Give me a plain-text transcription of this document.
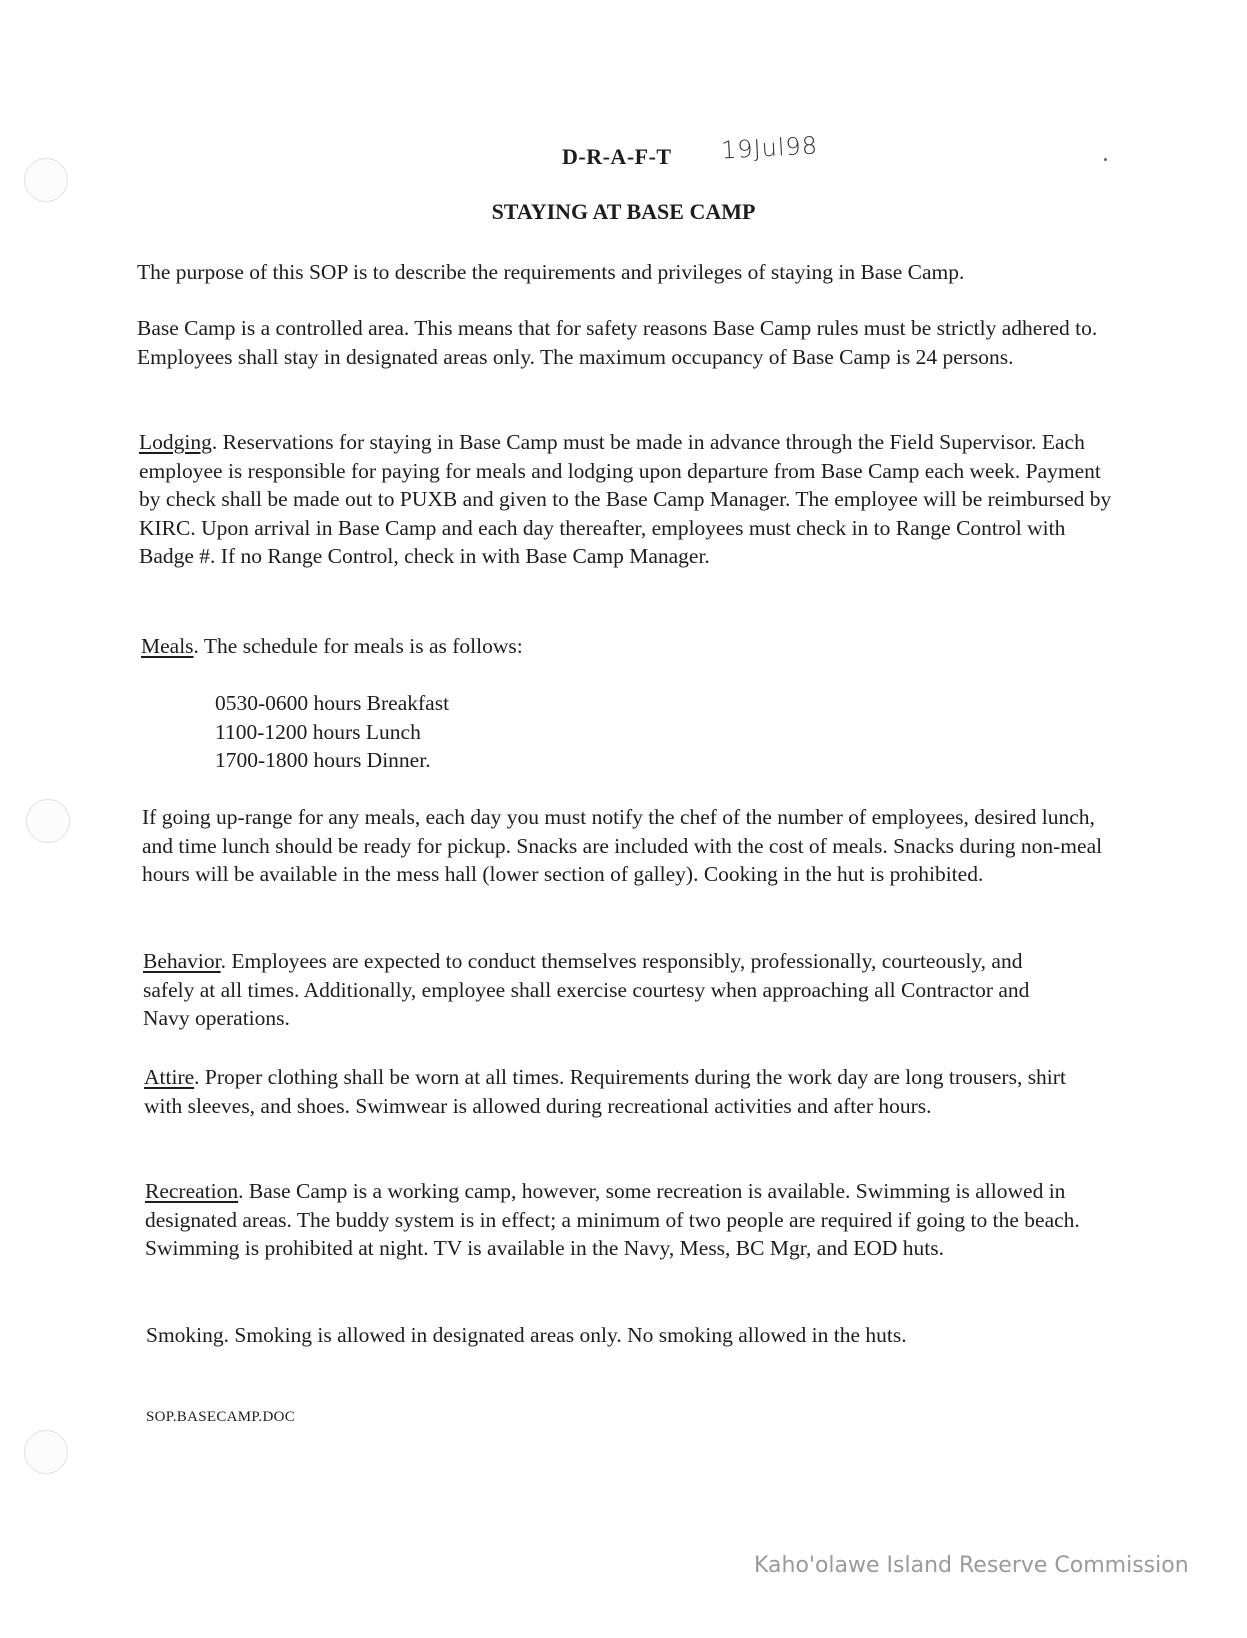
D-R-A-F-T 19Jul98
STAYING AT BASE CAMP
The purpose of this SOP is to describe the requirements and privileges of staying in Base Camp.
Base Camp is a controlled area. This means that for safety reasons Base Camp rules must be strictly adhered to. Employees shall stay in designated areas only. The maximum occupancy of Base Camp is 24 persons.
Lodging. Reservations for staying in Base Camp must be made in advance through the Field Supervisor. Each employee is responsible for paying for meals and lodging upon departure from Base Camp each week. Payment by check shall be made out to PUXB and given to the Base Camp Manager. The employee will be reimbursed by KIRC. Upon arrival in Base Camp and each day thereafter, employees must check in to Range Control with Badge #. If no Range Control, check in with Base Camp Manager.
Meals. The schedule for meals is as follows:
0530-0600 hours Breakfast
1100-1200 hours Lunch
1700-1800 hours Dinner.
If going up-range for any meals, each day you must notify the chef of the number of employees, desired lunch, and time lunch should be ready for pickup. Snacks are included with the cost of meals. Snacks during non-meal hours will be available in the mess hall (lower section of galley). Cooking in the hut is prohibited.
Behavior. Employees are expected to conduct themselves responsibly, professionally, courteously, and safely at all times. Additionally, employee shall exercise courtesy when approaching all Contractor and Navy operations.
Attire. Proper clothing shall be worn at all times. Requirements during the work day are long trousers, shirt with sleeves, and shoes. Swimwear is allowed during recreational activities and after hours.
Recreation. Base Camp is a working camp, however, some recreation is available. Swimming is allowed in designated areas. The buddy system is in effect; a minimum of two people are required if going to the beach. Swimming is prohibited at night. TV is available in the Navy, Mess, BC Mgr, and EOD huts.
Smoking. Smoking is allowed in designated areas only. No smoking allowed in the huts.
SOP.BASECAMP.DOC
Kaho'olawe Island Reserve Commission
